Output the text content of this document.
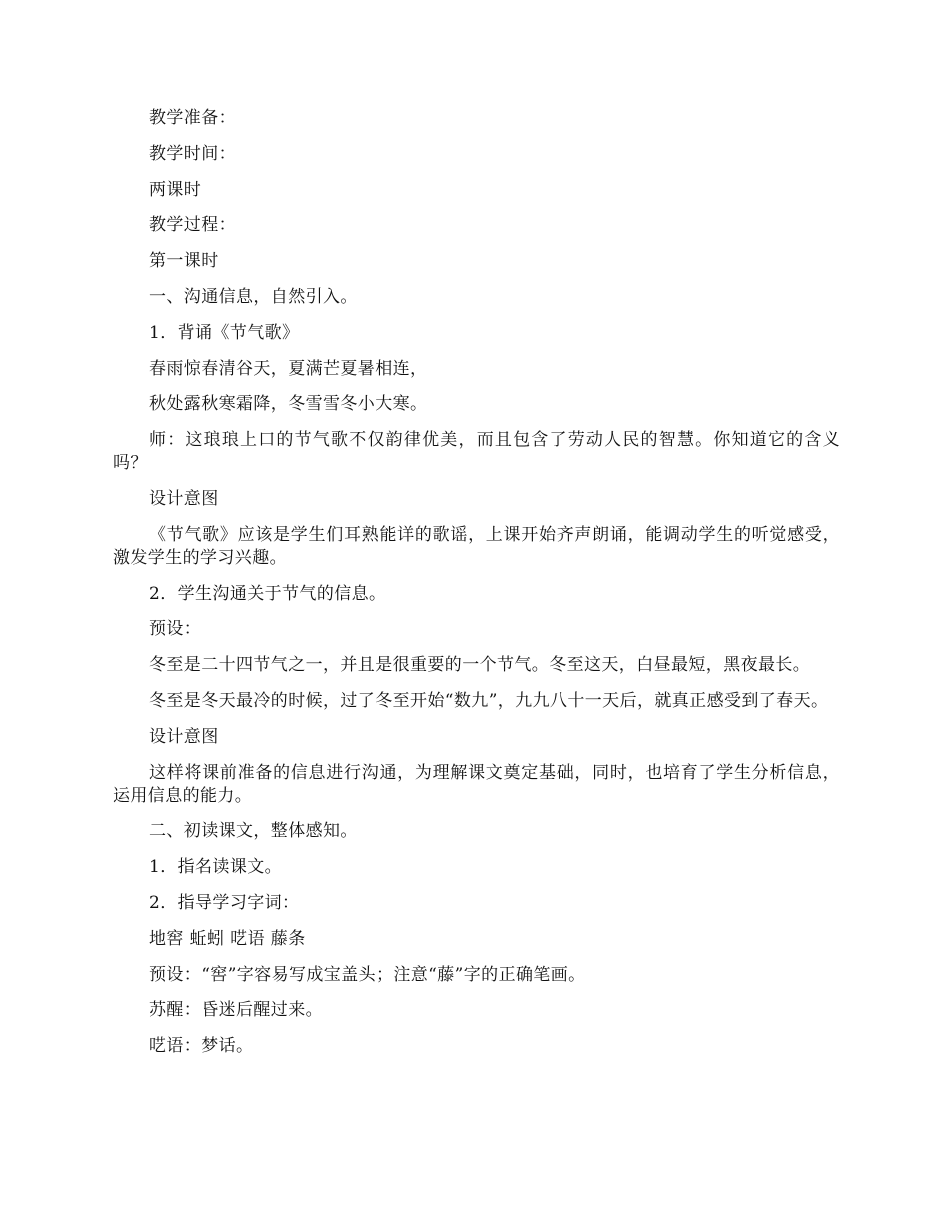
教学准备：

教学时间：

两课时

教学过程：

第一课时

一、沟通信息，自然引入。

1．背诵《节气歌》

春雨惊春清谷天，夏满芒夏暑相连，

秋处露秋寒霜降，冬雪雪冬小大寒。

师：这琅琅上口的节气歌不仅韵律优美，而且包含了劳动人民的智慧。你知道它的含义吗？

设计意图

《节气歌》应该是学生们耳熟能详的歌谣，上课开始齐声朗诵，能调动学生的听觉感受，激发学生的学习兴趣。

2．学生沟通关于节气的信息。

预设：

冬至是二十四节气之一，并且是很重要的一个节气。冬至这天，白昼最短，黑夜最长。

冬至是冬天最冷的时候，过了冬至开始“数九”，九九八十一天后，就真正感受到了春天。

设计意图

这样将课前准备的信息进行沟通，为理解课文奠定基础，同时，也培育了学生分析信息，运用信息的能力。

二、初读课文，整体感知。

1．指名读课文。

2．指导学习字词：

地窖 蚯蚓 呓语 藤条

预设：“窖”字容易写成宝盖头；注意“藤”字的正确笔画。

苏醒：昏迷后醒过来。

呓语：梦话。
